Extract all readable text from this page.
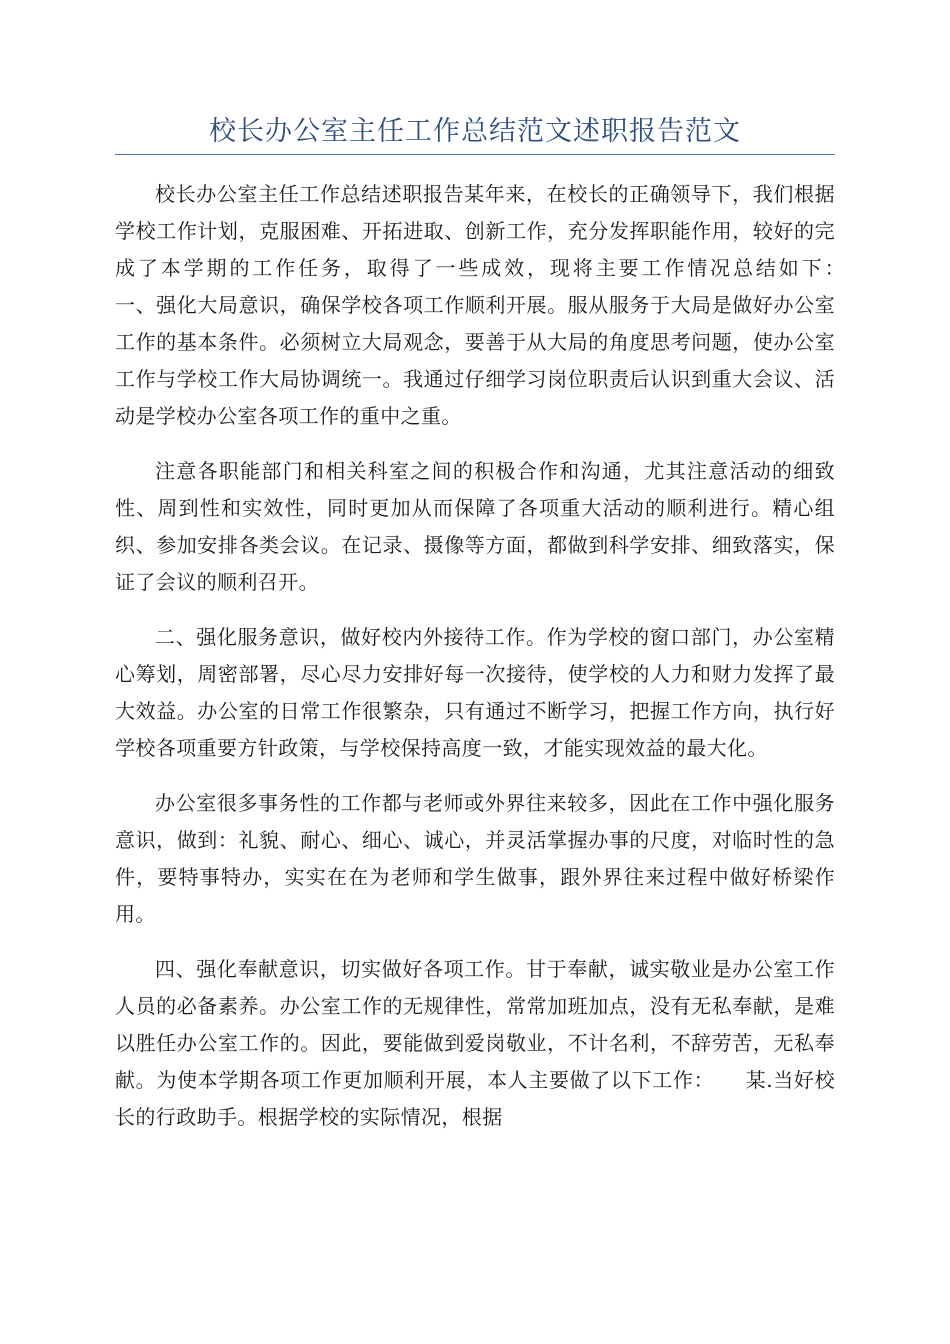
校长办公室主任工作总结范文述职报告范文

校长办公室主任工作总结述职报告某年来，在校长的正确领导下，我们根据学校工作计划，克服困难、开拓进取、创新工作，充分发挥职能作用，较好的完成了本学期的工作任务，取得了一些成效，现将主要工作情况总结如下：　　一、强化大局意识，确保学校各项工作顺利开展。服从服务于大局是做好办公室工作的基本条件。必须树立大局观念，要善于从大局的角度思考问题，使办公室工作与学校工作大局协调统一。我通过仔细学习岗位职责后认识到重大会议、活动是学校办公室各项工作的重中之重。

注意各职能部门和相关科室之间的积极合作和沟通，尤其注意活动的细致性、周到性和实效性，同时更加从而保障了各项重大活动的顺利进行。精心组织、参加安排各类会议。在记录、摄像等方面，都做到科学安排、细致落实，保证了会议的顺利召开。

二、强化服务意识，做好校内外接待工作。作为学校的窗口部门，办公室精心筹划，周密部署，尽心尽力安排好每一次接待，使学校的人力和财力发挥了最大效益。办公室的日常工作很繁杂，只有通过不断学习，把握工作方向，执行好学校各项重要方针政策，与学校保持高度一致，才能实现效益的最大化。

办公室很多事务性的工作都与老师或外界往来较多，因此在工作中强化服务意识，做到：礼貌、耐心、细心、诚心，并灵活掌握办事的尺度，对临时性的急件，要特事特办，实实在在为老师和学生做事，跟外界往来过程中做好桥梁作用。

四、强化奉献意识，切实做好各项工作。甘于奉献，诚实敬业是办公室工作人员的必备素养。办公室工作的无规律性，常常加班加点，没有无私奉献，是难以胜任办公室工作的。因此，要能做到爱岗敬业，不计名利，不辞劳苦，无私奉献。为使本学期各项工作更加顺利开展，本人主要做了以下工作：　　某.当好校长的行政助手。根据学校的实际情况，根据
